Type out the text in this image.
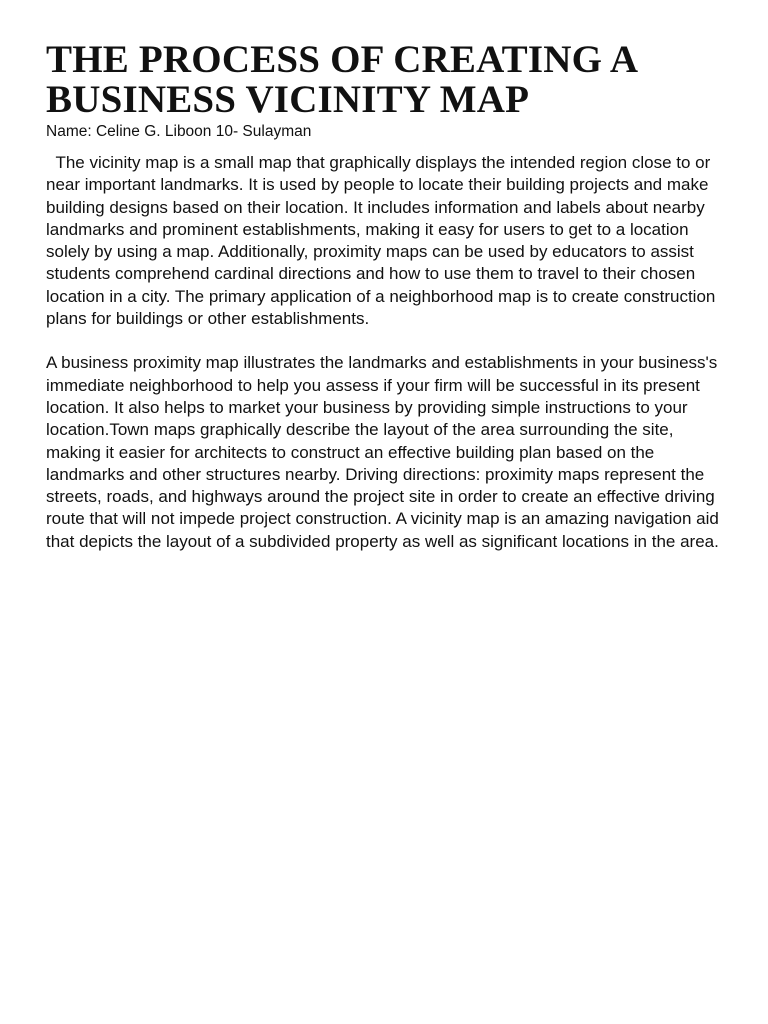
THE PROCESS OF CREATING A
BUSINESS VICINITY MAP
Name: Celine G. Liboon 10- Sulayman

The vicinity map is a small map that graphically displays the intended region close to or near important landmarks. It is used by people to locate their building projects and make building designs based on their location. It includes information and labels about nearby landmarks and prominent establishments, making it easy for users to get to a location solely by using a map. Additionally, proximity maps can be used by educators to assist students comprehend cardinal directions and how to use them to travel to their chosen location in a city. The primary application of a neighborhood map is to create construction plans for buildings or other establishments.

A business proximity map illustrates the landmarks and establishments in your business's immediate neighborhood to help you assess if your firm will be successful in its present location. It also helps to market your business by providing simple instructions to your location.Town maps graphically describe the layout of the area surrounding the site, making it easier for architects to construct an effective building plan based on the landmarks and other structures nearby. Driving directions: proximity maps represent the streets, roads, and highways around the project site in order to create an effective driving route that will not impede project construction. A vicinity map is an amazing navigation aid that depicts the layout of a subdivided property as well as significant locations in the area.
